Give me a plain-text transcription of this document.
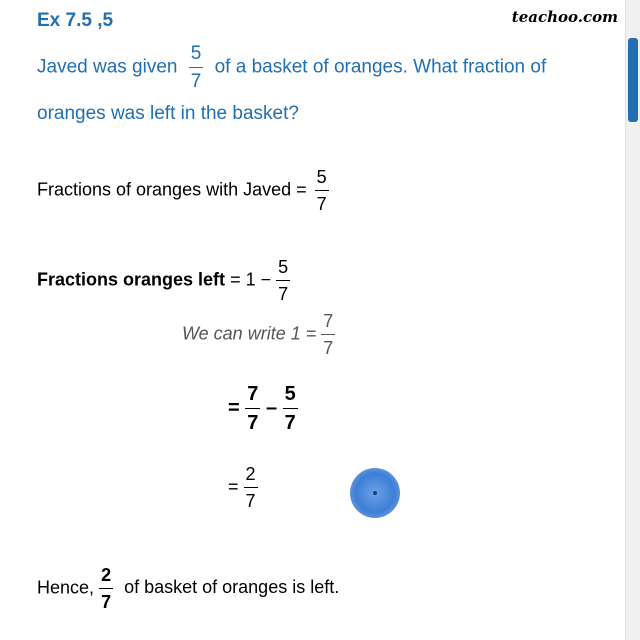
Ex 7.5 ,5	teachoo.com
Javed was given $\frac{5}{7}$ of a basket of oranges. What fraction of
oranges was left in the basket?
Fractions of oranges with Javed = $\frac{5}{7}$
Fractions oranges left = $1 - \frac{5}{7}$
We can write $1 = \frac{7}{7}$
= $\frac{7}{7} - \frac{5}{7}$
= $\frac{2}{7}$
Hence, $\frac{2}{7}$ of basket of oranges is left.
